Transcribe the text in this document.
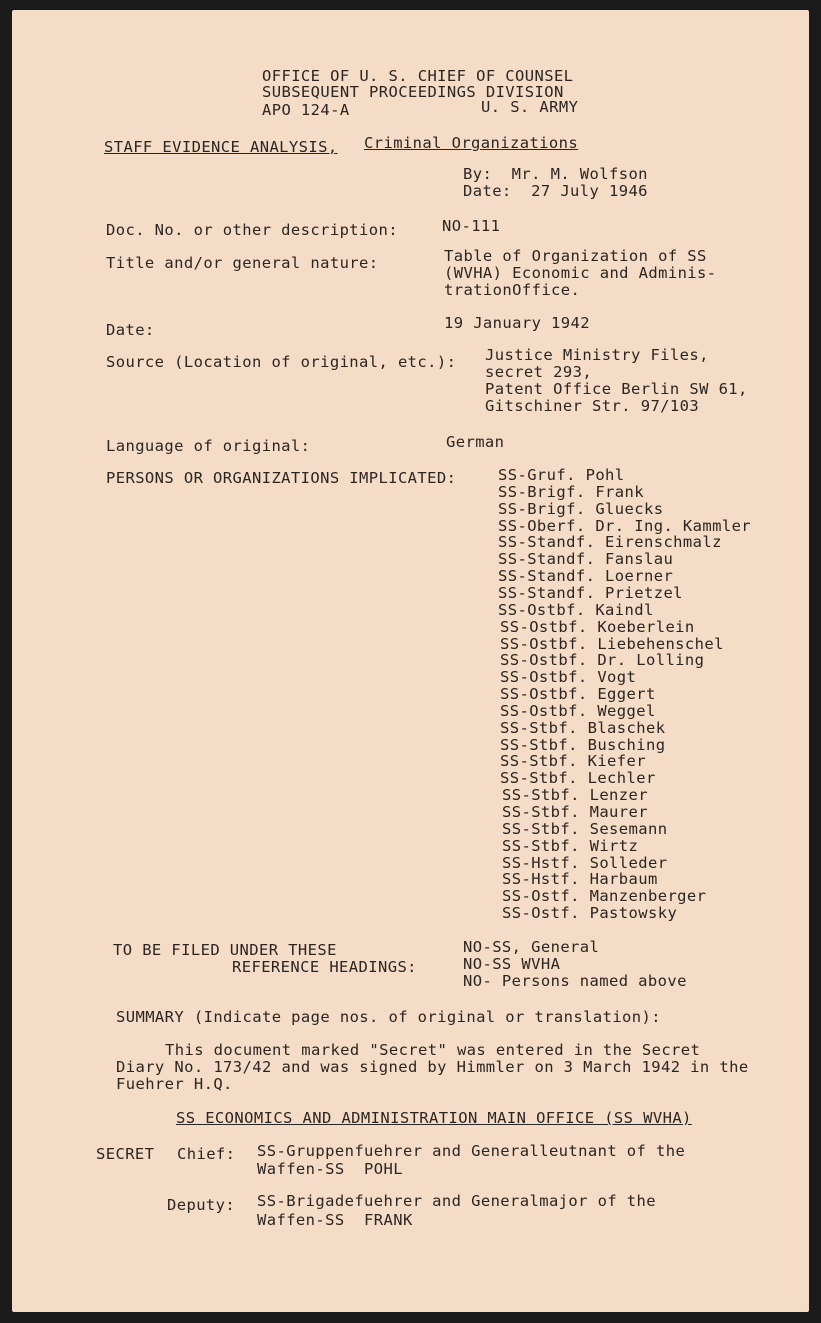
OFFICE OF U. S. CHIEF OF COUNSEL
SUBSEQUENT PROCEEDINGS DIVISION
APO 124-A	U. S. ARMY
STAFF EVIDENCE ANALYSIS, Criminal Organizations
By:  Mr. M. Wolfson
Date:  27 July 1946
Doc. No. or other description:	NO-111
Title and/or general nature:	Table of Organization of SS
(WVHA) Economic and Adminis-
trationOffice.
Date:	19 January 1942
Source (Location of original, etc.): Justice Ministry Files,
secret 293,
Patent Office Berlin SW 61,
Gitschiner Str. 97/103
Language of original:	German
PERSONS OR ORGANIZATIONS IMPLICATED:	SS-Gruf. Pohl
SS-Brigf. Frank
SS-Brigf. Gluecks
SS-Oberf. Dr. Ing. Kammler
SS-Standf. Eirenschmalz
SS-Standf. Fanslau
SS-Standf. Loerner
SS-Standf. Prietzel
SS-Ostbf. Kaindl
SS-Ostbf. Koeberlein
SS-Ostbf. Liebehenschel
SS-Ostbf. Dr. Lolling
SS-Ostbf. Vogt
SS-Ostbf. Eggert
SS-Ostbf. Weggel
SS-Stbf. Blaschek
SS-Stbf. Busching
SS-Stbf. Kiefer
SS-Stbf. Lechler
SS-Stbf. Lenzer
SS-Stbf. Maurer
SS-Stbf. Sesemann
SS-Stbf. Wirtz
SS-Hstf. Solleder
SS-Hstf. Harbaum
SS-Ostf. Manzenberger
SS-Ostf. Pastowsky
TO BE FILED UNDER THESE
REFERENCE HEADINGS:
NO-SS, General
NO-SS WVHA
NO- Persons named above
SUMMARY (Indicate page nos. of original or translation):
This document marked "Secret" was entered in the Secret
Diary No. 173/42 and was signed by Himmler on 3 March 1942 in the
Fuehrer H.Q.
SS ECONOMICS AND ADMINISTRATION MAIN OFFICE (SS WVHA)
SECRET Chief: SS-Gruppenfuehrer and Generalleutnant of the
Waffen-SS  POHL
Deputy: SS-Brigadefuehrer and Generalmajor of the
Waffen-SS  FRANK
